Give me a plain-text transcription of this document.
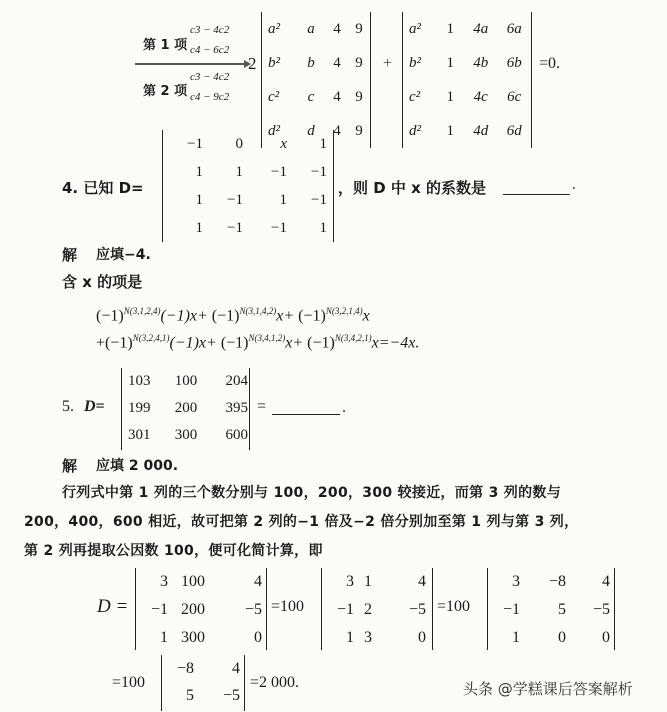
第 1 项
c3 − 4c2
c4 − 6c2
第 2 项
c3 − 4c2
c4 − 9c2
2
a²	a	4	9
b²	b	4	9
c²	c	4	9
d²	d	4	9
+
a²	1	4a	6a
b²	1	4b	6b
c²	1	4c	6c
d²	1	4d	6d
=0.
4. 已知 D=
−1	0	x	1
1	1	−1	−1
1	−1	1	−1
1	−1	−1	1
，则 D 中 x 的系数是	.
解 应填−4.
含 x 的项是
$(-1)^{N(3,1,2,4)}(-1)x+ (-1)^{N(3,1,4,2)}x+ (-1)^{N(3,2,1,4)}x$
$+(-1)^{N(3,2,4,1)}(-1)x+ (-1)^{N(3,4,1,2)}x+ (-1)^{N(3,4,2,1)}x=-4x$.
5. D=
103	100	204
199	200	395
301	300	600
=	.
解 应填 2 000.
行列式中第 1 列的三个数分别与 100，200，300 较接近，而第 3 列的数与
200，400，600 相近，故可把第 2 列的−1 倍及−2 倍分别加至第 1 列与第 3 列，
第 2 列再提取公因数 100，便可化简计算，即
D =
3	100	4
−1	200	−5
1	300	0
=100
3	1	4
−1	2	−5
1	3	0
=100
3	−8	4
−1	5	−5
1	0	0
=100
−8	4
5	−5
=2 000.	头条 @学糕课后答案解析
